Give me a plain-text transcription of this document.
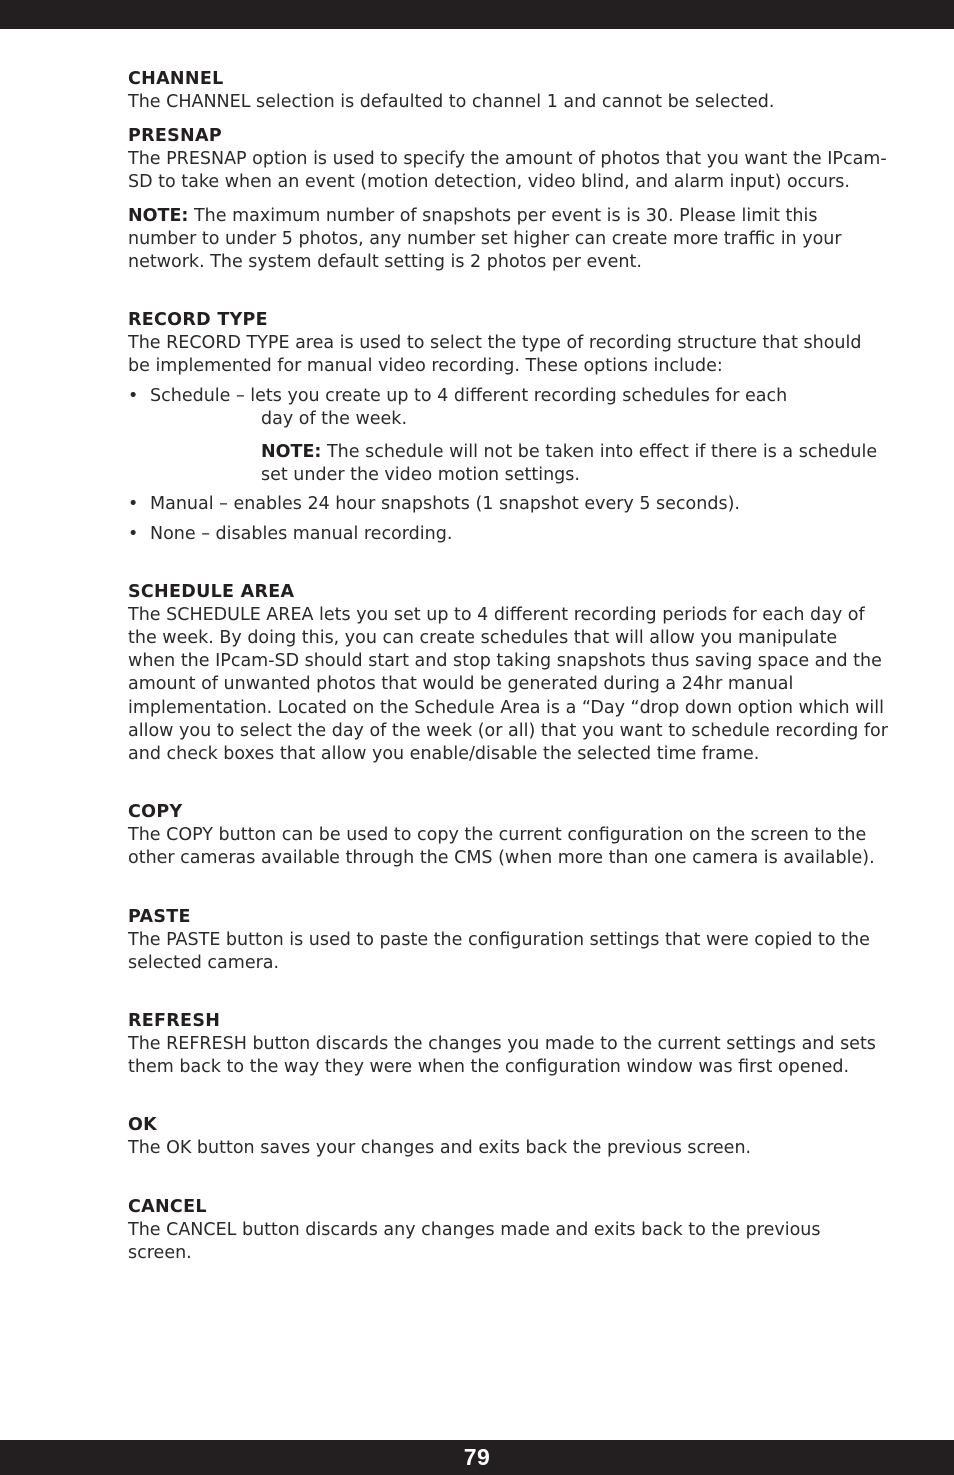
CHANNEL

The CHANNEL selection is defaulted to channel 1 and cannot be selected.

PRESNAP

The PRESNAP option is used to specify the amount of photos that you want the IPcam-SD to take when an event (motion detection, video blind, and alarm input) occurs.

NOTE: The maximum number of snapshots per event is is 30. Please limit this number to under 5 photos, any number set higher can create more traffic in your network. The system default setting is 2 photos per event.

RECORD TYPE

The RECORD TYPE area is used to select the type of recording structure that should be implemented for manual video recording. These options include:

• Schedule – lets you create up to 4 different recording schedules for each
day of the week.
NOTE: The schedule will not be taken into effect if there is a schedule set under the video motion settings.
• Manual – enables 24 hour snapshots (1 snapshot every 5 seconds).
• None – disables manual recording.
SCHEDULE AREA

The SCHEDULE AREA lets you set up to 4 different recording periods for each day of the week. By doing this, you can create schedules that will allow you manipulate when the IPcam-SD should start and stop taking snapshots thus saving space and the amount of unwanted photos that would be generated during a 24hr manual implementation. Located on the Schedule Area is a “Day “drop down option which will allow you to select the day of the week (or all) that you want to schedule recording for and check boxes that allow you enable/disable the selected time frame.

COPY

The COPY button can be used to copy the current configuration on the screen to the other cameras available through the CMS (when more than one camera is available).

PASTE

The PASTE button is used to paste the configuration settings that were copied to the selected camera.

REFRESH

The REFRESH button discards the changes you made to the current settings and sets them back to the way they were when the configuration window was first opened.

OK

The OK button saves your changes and exits back the previous screen.

CANCEL

The CANCEL button discards any changes made and exits back to the previous screen.

79
